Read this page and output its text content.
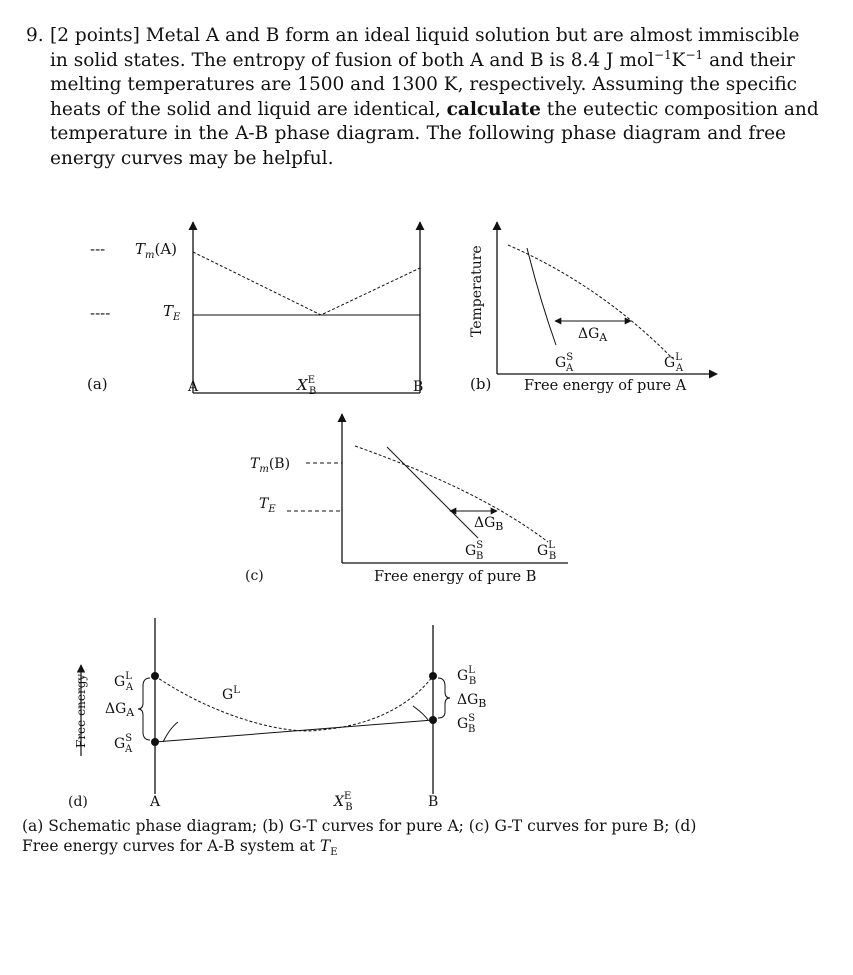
9. [2 points] Metal A and B form an ideal liquid solution but are almost immiscible
in solid states. The entropy of fusion of both A and B is 8.4 J $mol^{-1}K^{-1}$ and their
melting temperatures are 1500 and 1300 K, respectively. Assuming the specific
heats of the solid and liquid are identical, calculate the eutectic composition and
temperature in the A-B phase diagram. The following phase diagram and free
energy curves may be helpful.
--- $T_m(A)$
----	$T_E$
(a)	A	$X^E$ B	B
$\Delta G_A$
Temperature
$G^S$ A	$G^L$ A
(b) Free energy of pure A
$\Delta G_B$
$T_m(B)$
$T_E$
$G^S$ B	$G^L$ B
(c)	Free energy of pure B
Free energy $G^L$ A
$\Delta G_A$
$G^S$ A
$G^L$
$G^L$ B
$\Delta G_B$
$G^S$ B
(d)	A	$X^E$ B	B
(a) Schematic phase diagram; (b) G-T curves for pure A; (c) G-T curves for pure B; (d)
Free energy curves for A-B system at $T_E$
